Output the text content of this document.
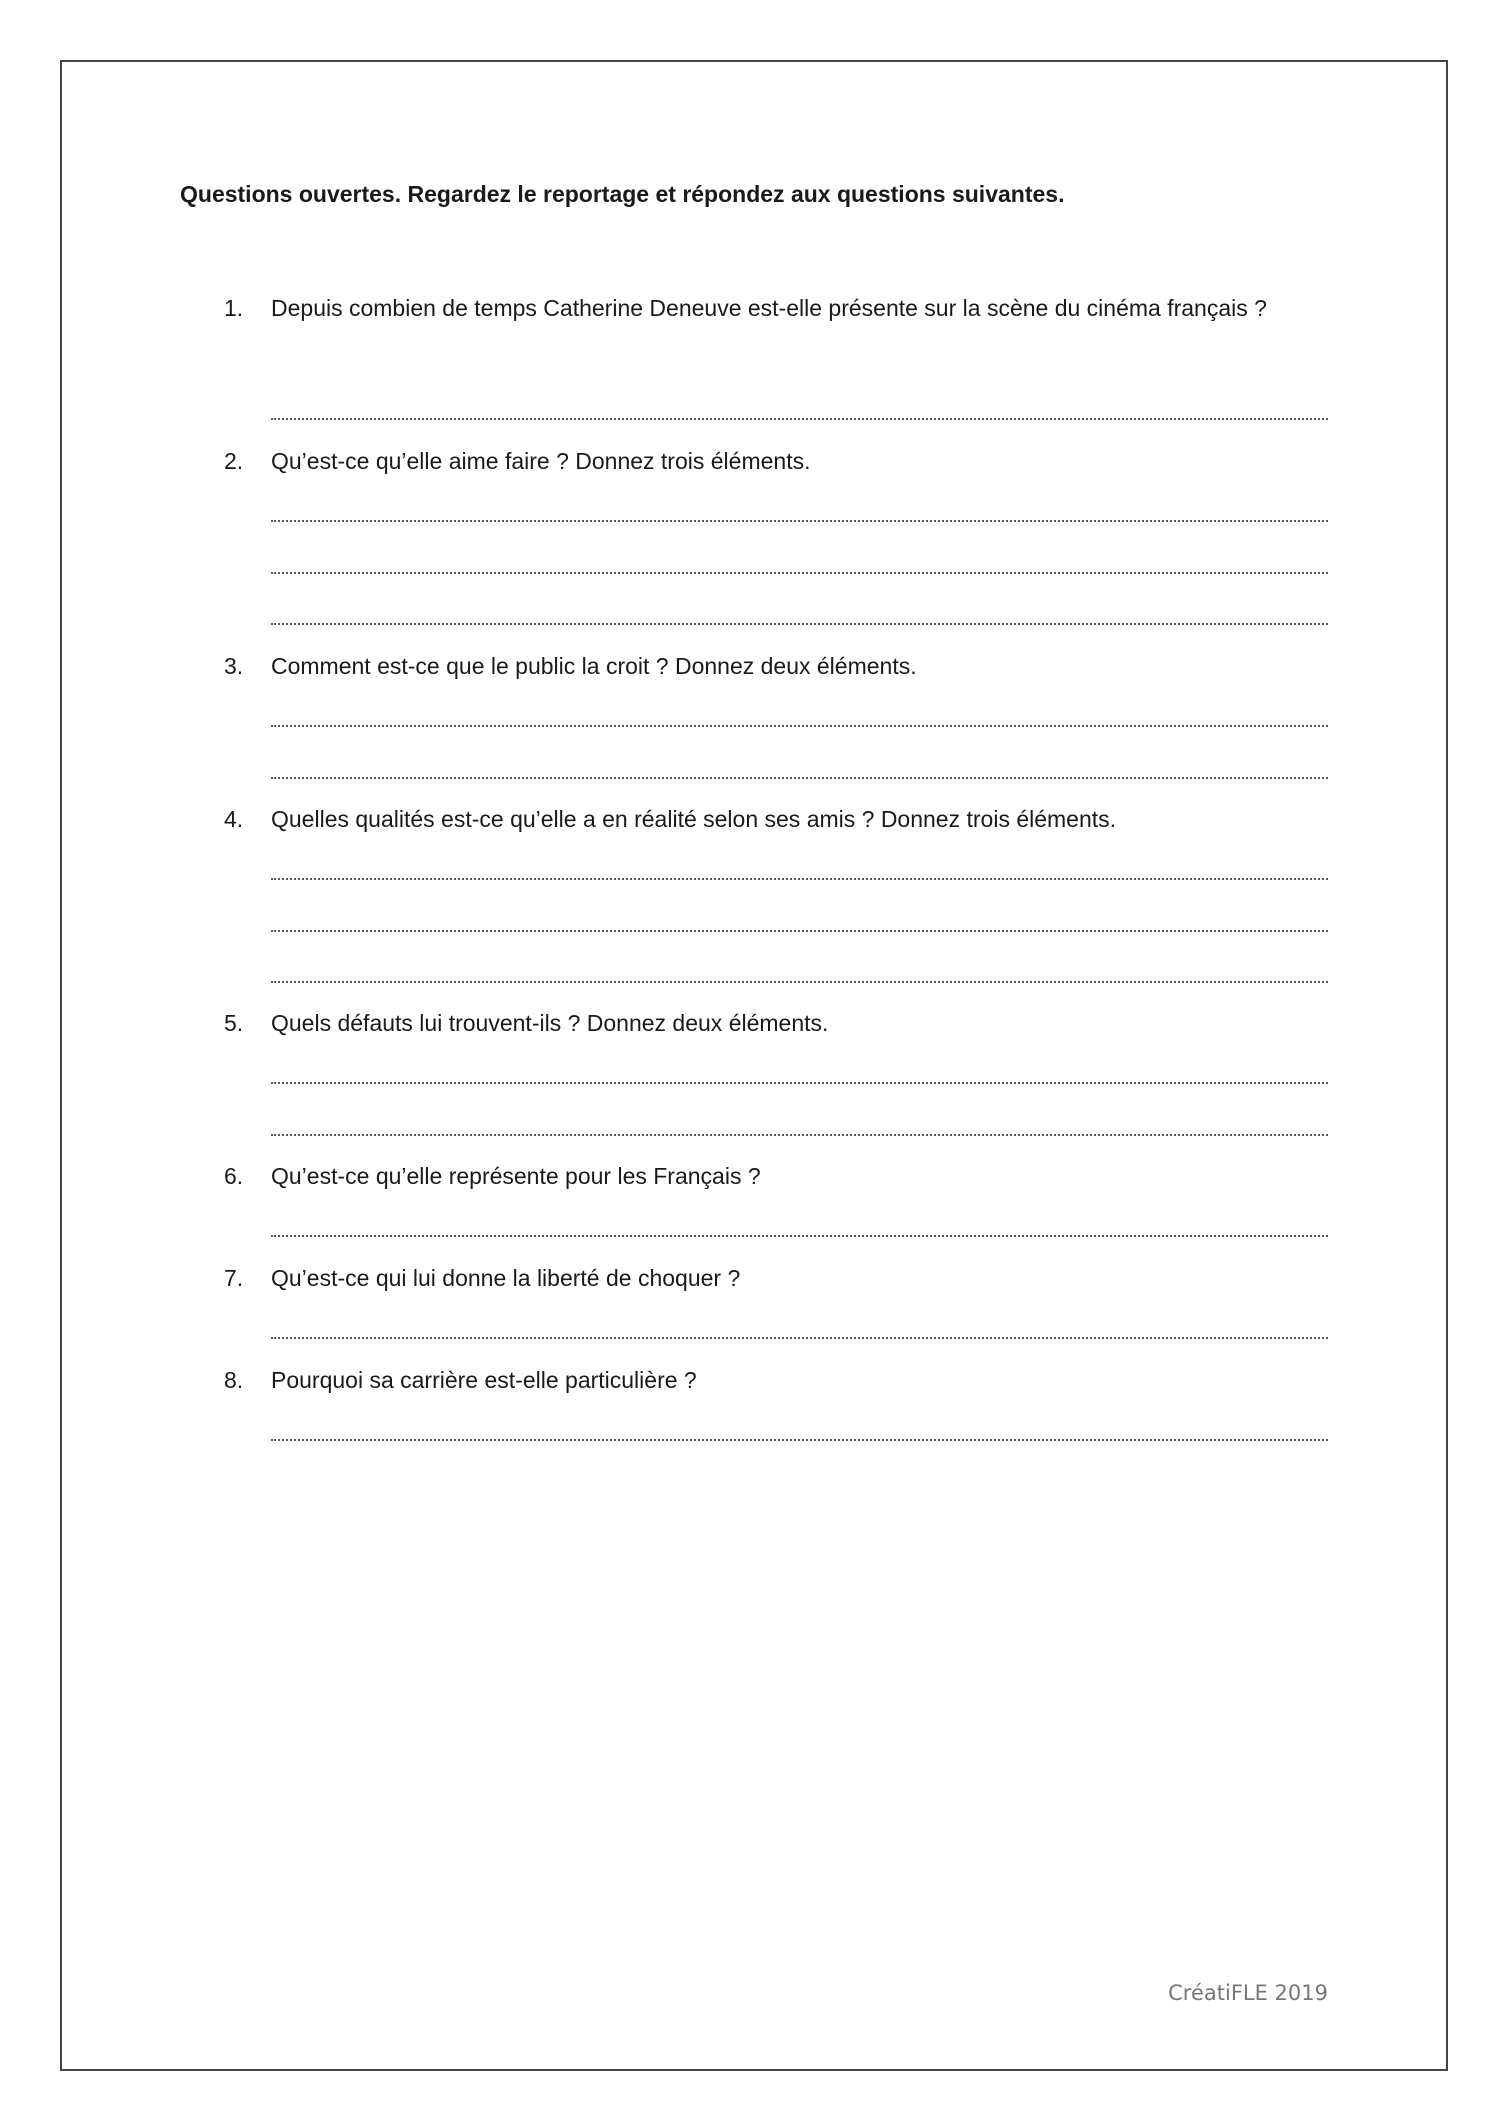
Questions ouvertes. Regardez le reportage et répondez aux questions suivantes.
1. Depuis combien de temps Catherine Deneuve est-elle présente sur la scène du cinéma français ?
2. Qu’est-ce qu’elle aime faire ? Donnez trois éléments.
3. Comment est-ce que le public la croit ? Donnez deux éléments.
4. Quelles qualités est-ce qu’elle a en réalité selon ses amis ? Donnez trois éléments.
5. Quels défauts lui trouvent-ils ? Donnez deux éléments.
6. Qu’est-ce qu’elle représente pour les Français ?
7. Qu’est-ce qui lui donne la liberté de choquer ?
8. Pourquoi sa carrière est-elle particulière ?
CréatiFLE 2019
